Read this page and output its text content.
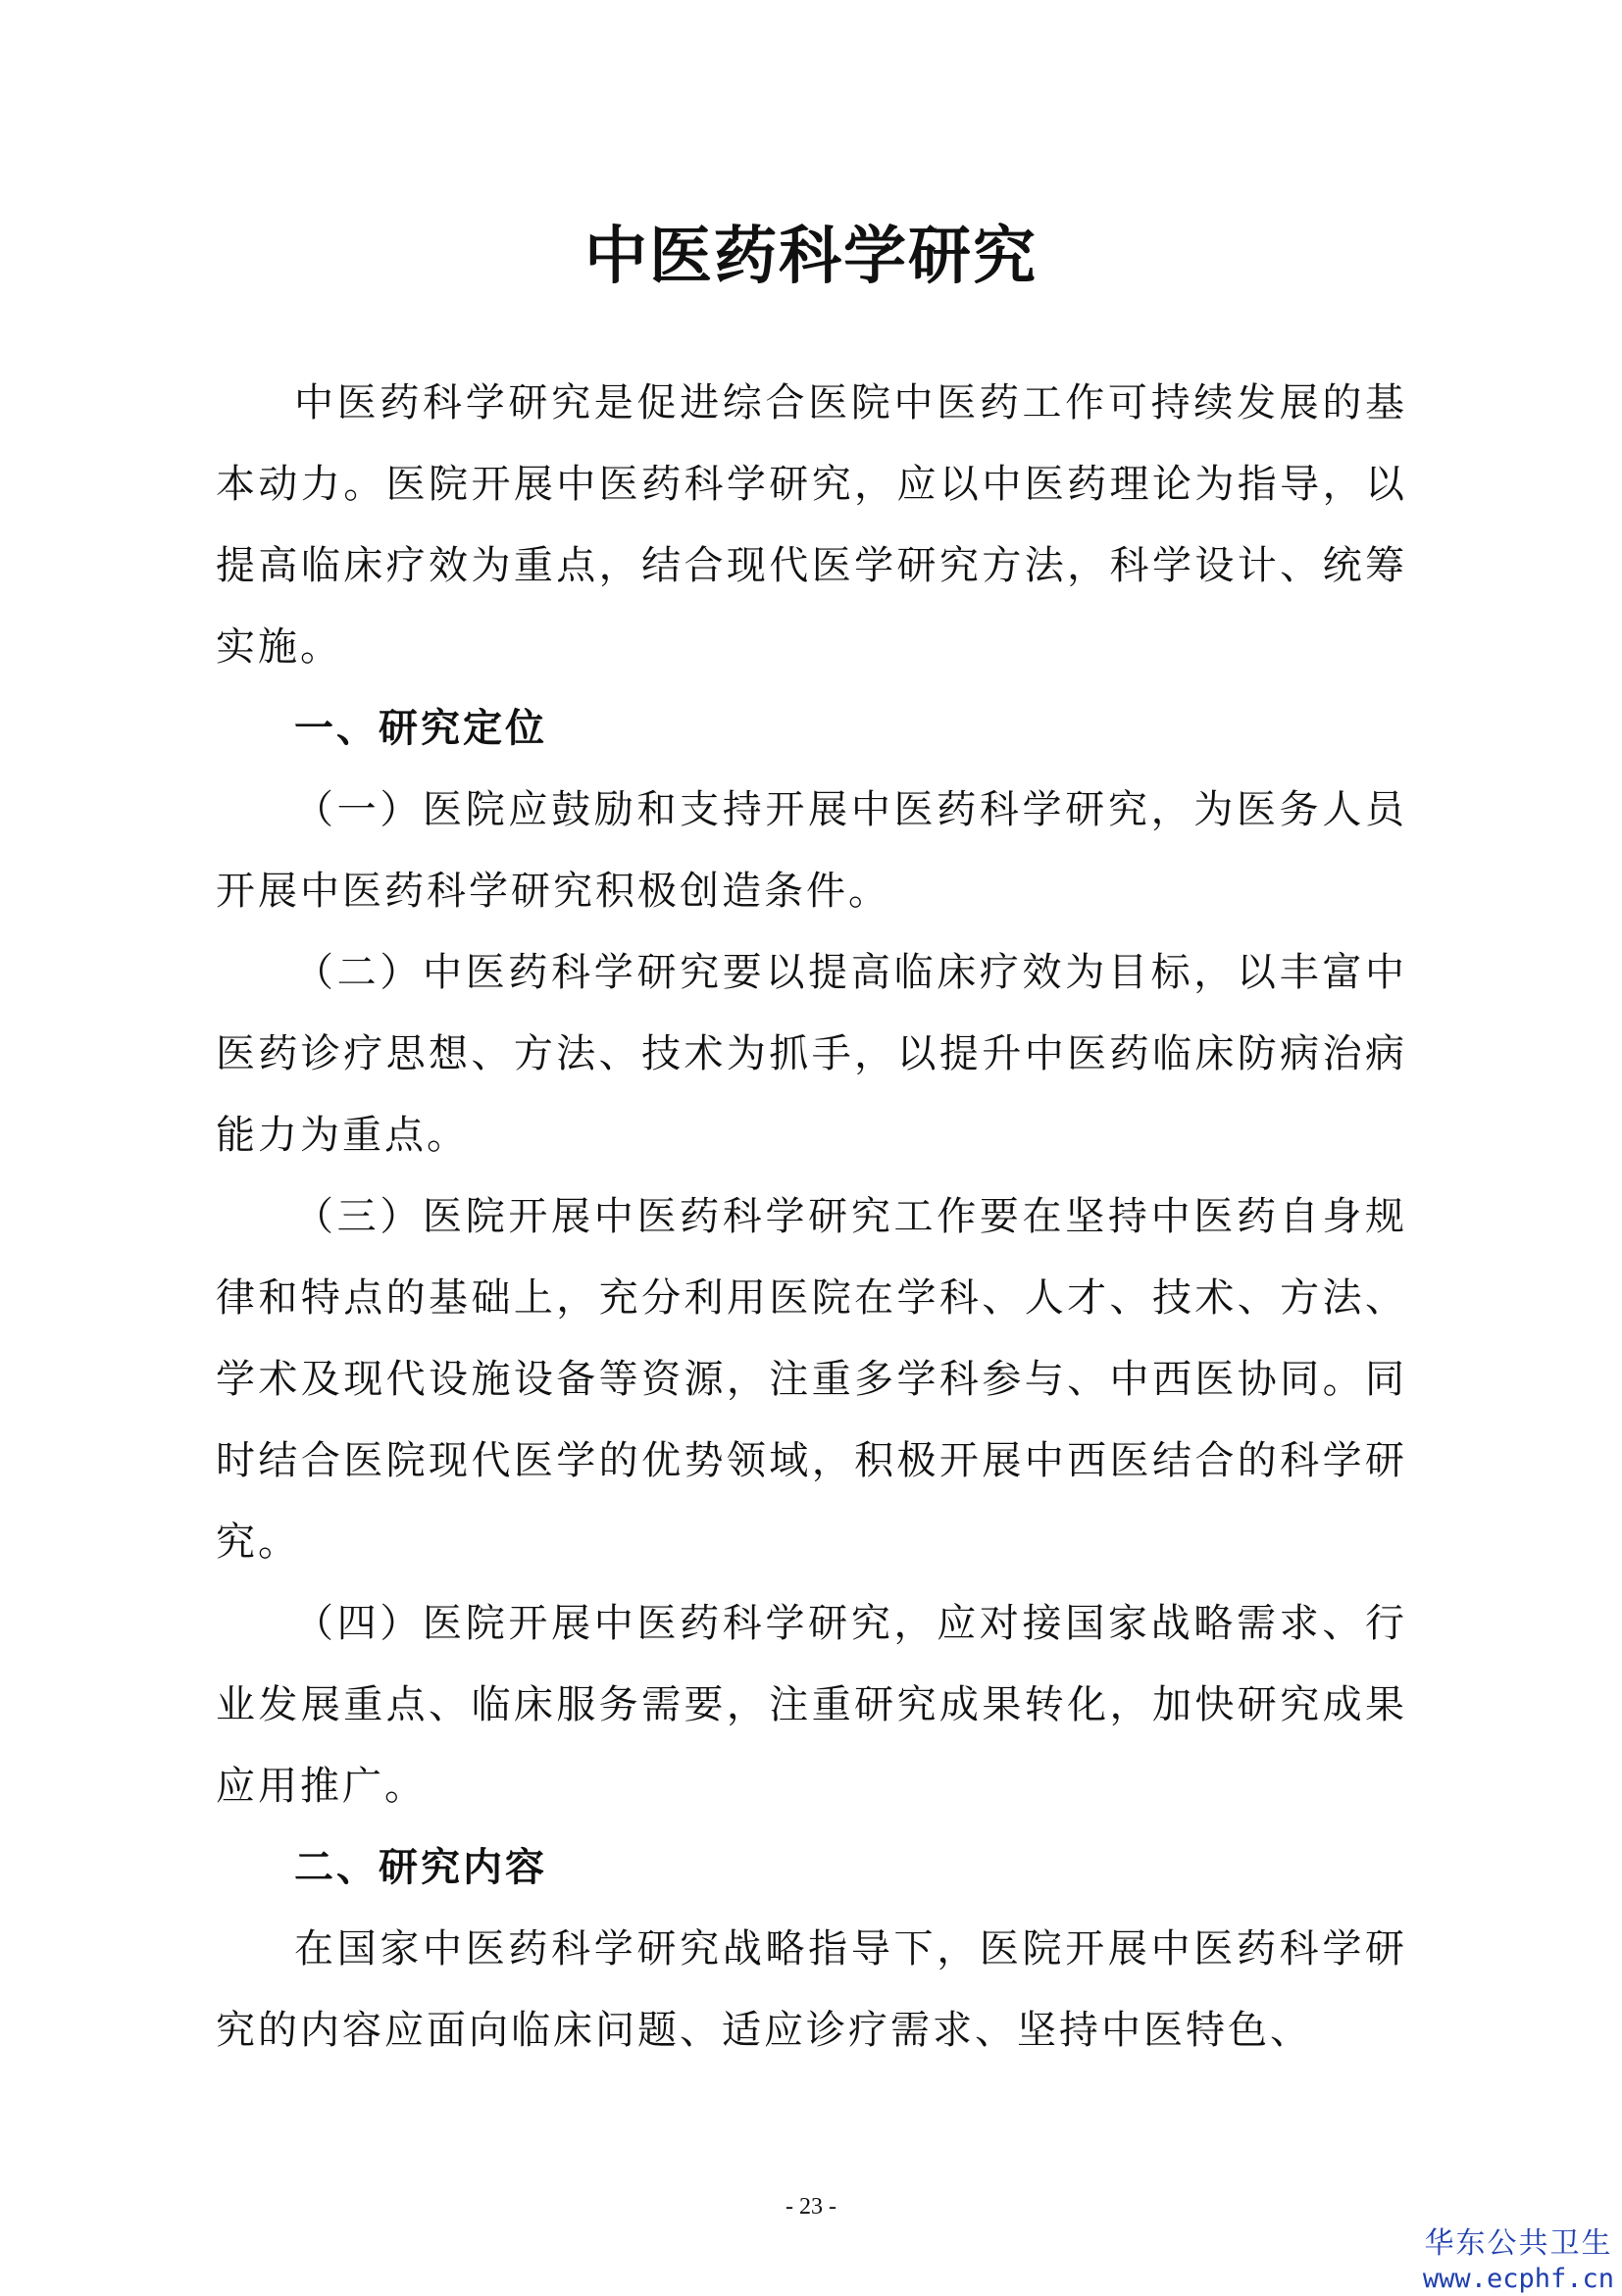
中医药科学研究

中医药科学研究是促进综合医院中医药工作可持续发展的基本动力。医院开展中医药科学研究，应以中医药理论为指导，以提高临床疗效为重点，结合现代医学研究方法，科学设计、统筹实施。

一、研究定位

（一）医院应鼓励和支持开展中医药科学研究，为医务人员开展中医药科学研究积极创造条件。

（二）中医药科学研究要以提高临床疗效为目标，以丰富中医药诊疗思想、方法、技术为抓手，以提升中医药临床防病治病能力为重点。

（三）医院开展中医药科学研究工作要在坚持中医药自身规律和特点的基础上，充分利用医院在学科、人才、技术、方法、学术及现代设施设备等资源，注重多学科参与、中西医协同。同时结合医院现代医学的优势领域，积极开展中西医结合的科学研究。

（四）医院开展中医药科学研究，应对接国家战略需求、行业发展重点、临床服务需要，注重研究成果转化，加快研究成果应用推广。

二、研究内容

在国家中医药科学研究战略指导下，医院开展中医药科学研究的内容应面向临床问题、适应诊疗需求、坚持中医特色、

- 23 -

华东公共卫生
www.ecphf.cn
